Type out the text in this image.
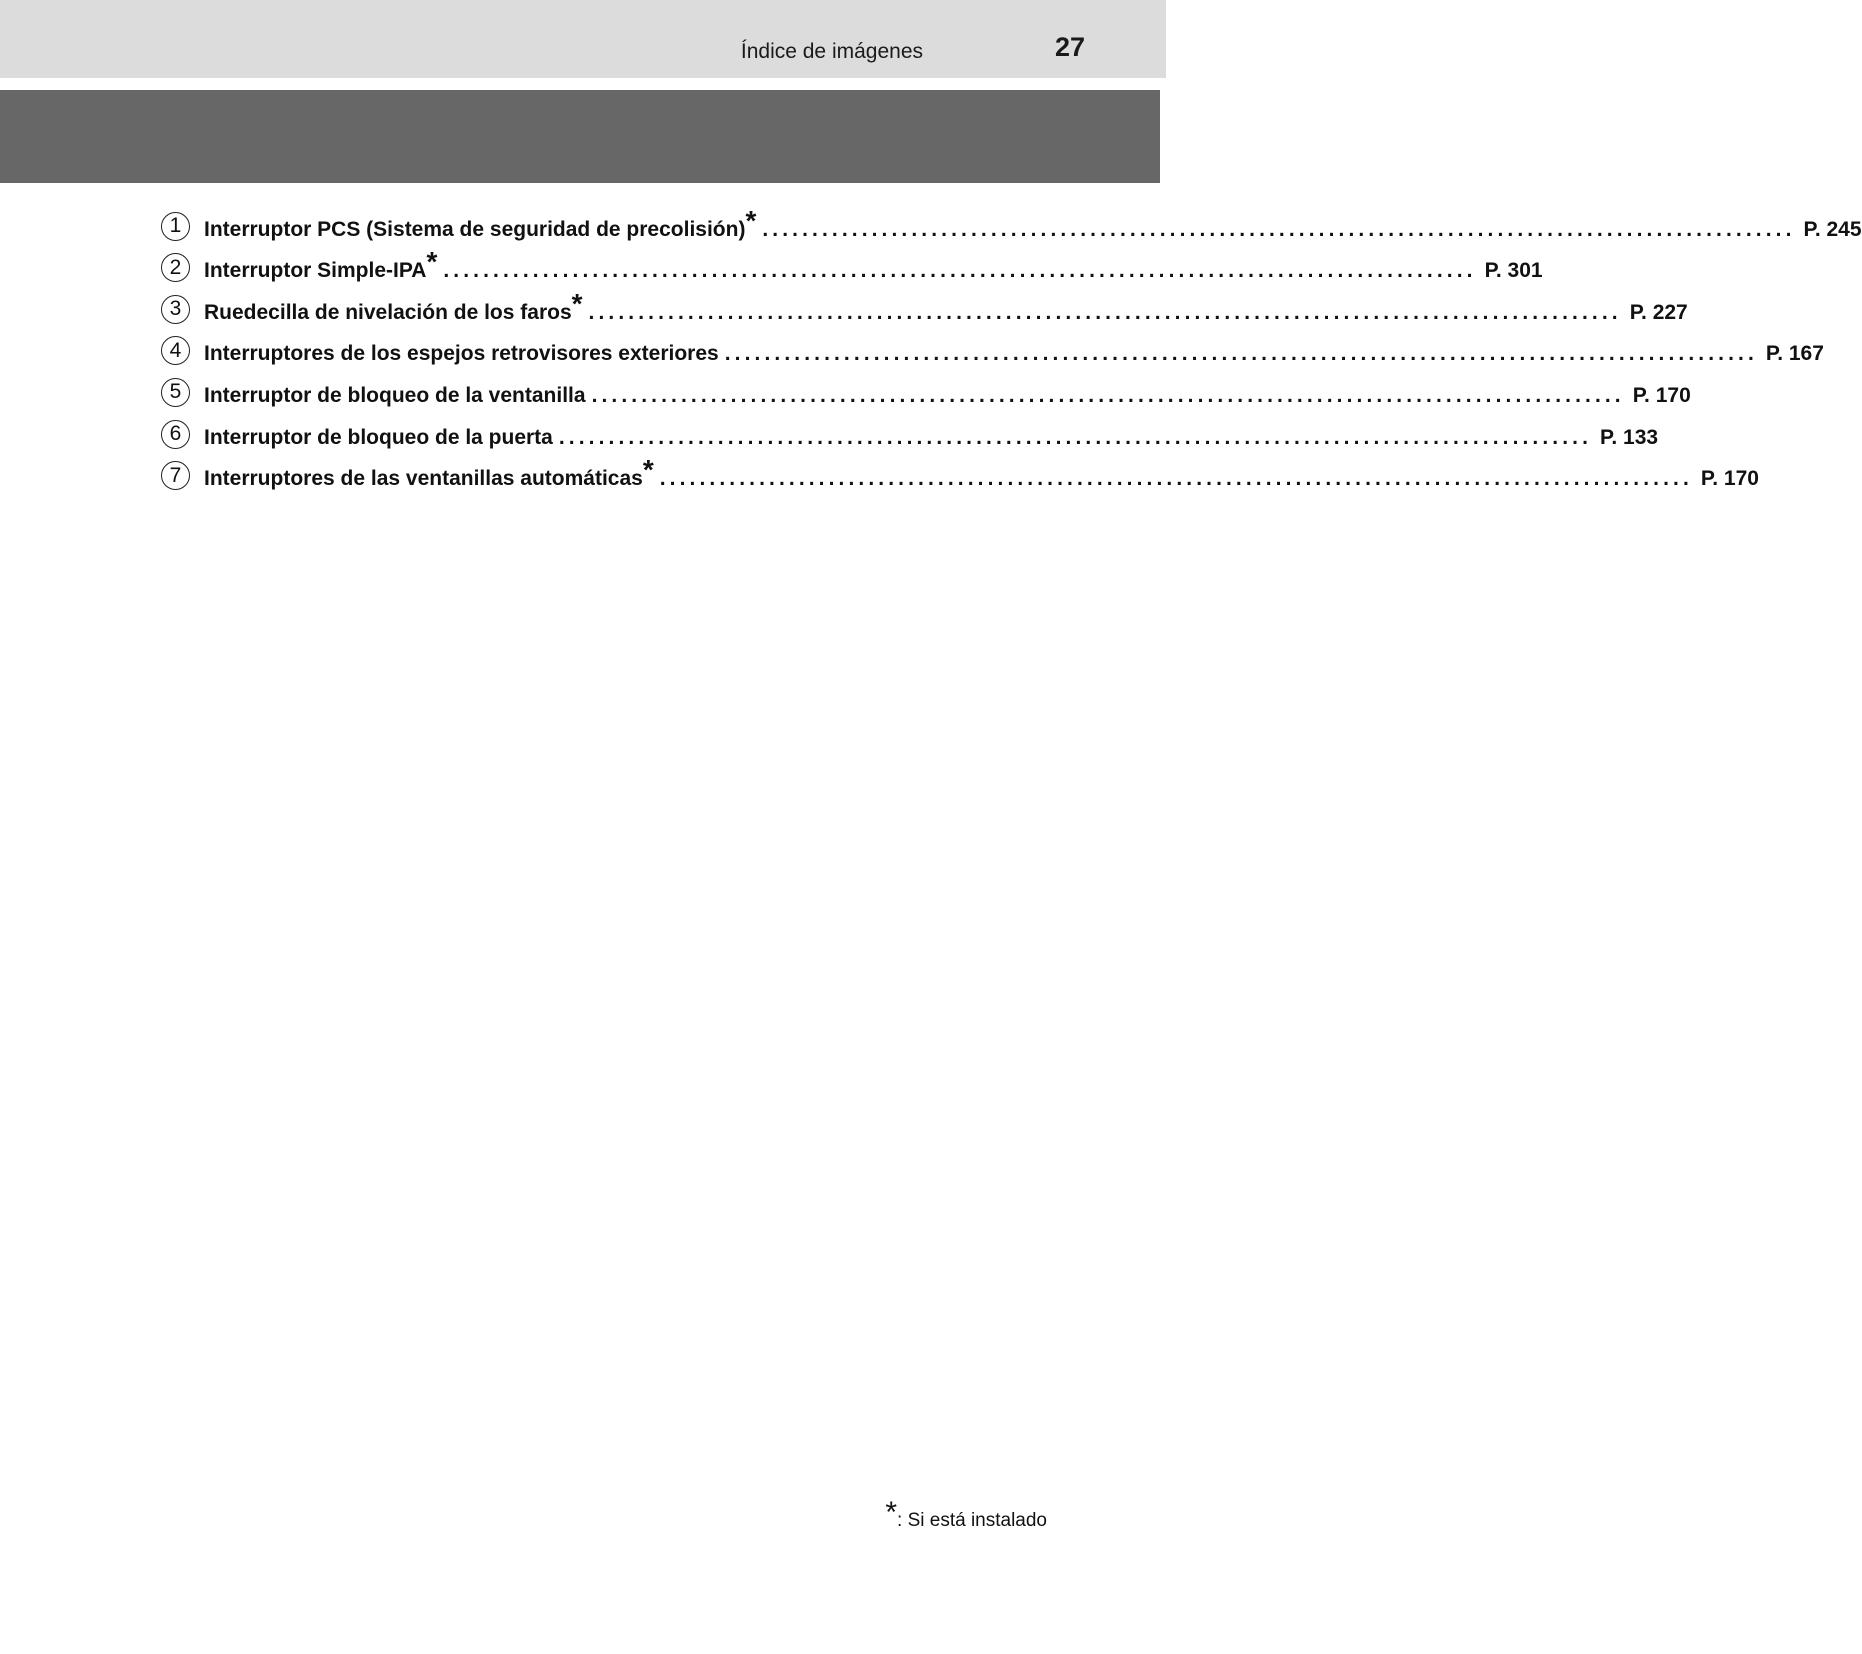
Índice de imágenes	27
1	Interruptor PCS (Sistema de seguridad de precolisión)* ........................................................................................................ P. 245
2	Interruptor Simple-IPA* ........................................................................................................ P. 301
3	Ruedecilla de nivelación de los faros* ........................................................................................................ P. 227
4	Interruptores de los espejos retrovisores exteriores ........................................................................................................ P. 167
5	Interruptor de bloqueo de la ventanilla ........................................................................................................ P. 170
6	Interruptor de bloqueo de la puerta ........................................................................................................ P. 133
7	Interruptores de las ventanillas automáticas* ........................................................................................................ P. 170
*: Si está instalado
